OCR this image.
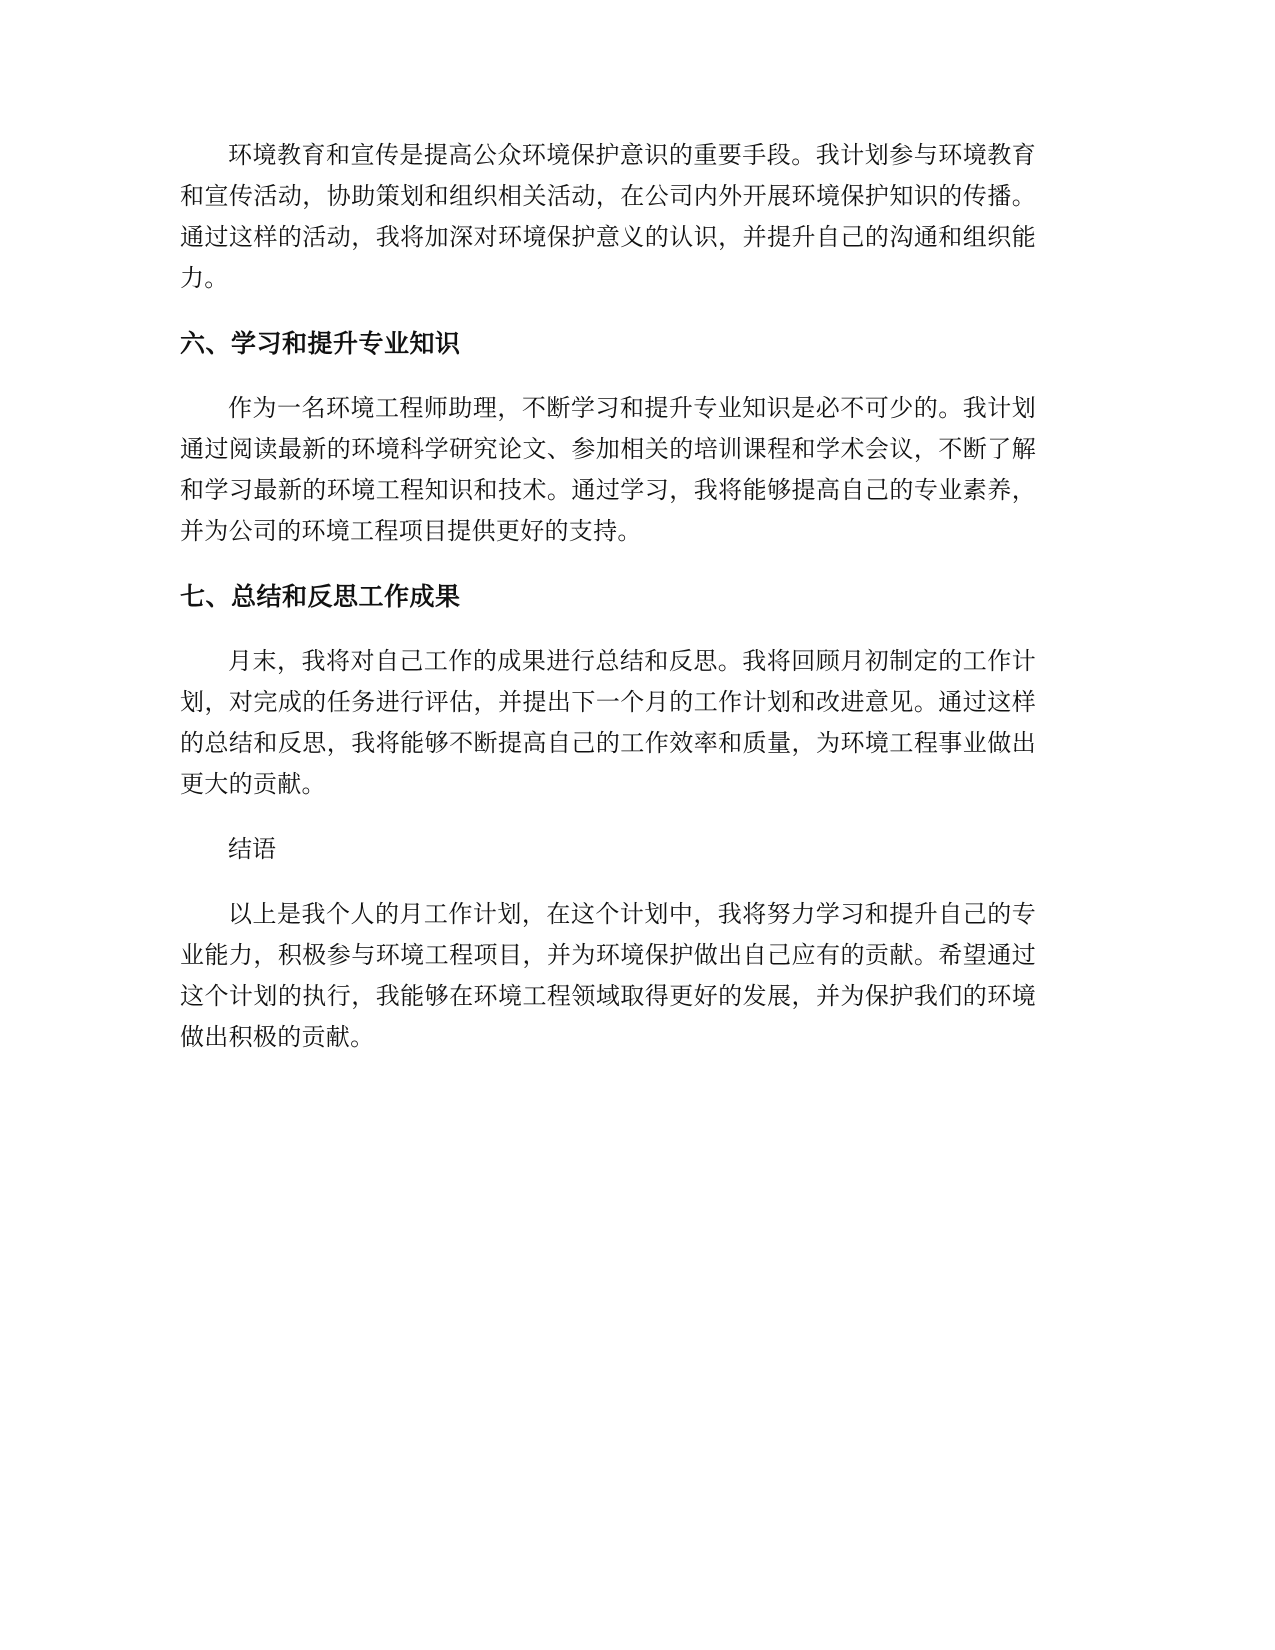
环境教育和宣传是提高公众环境保护意识的重要手段。我计划参与环境教育和宣传活动，协助策划和组织相关活动，在公司内外开展环境保护知识的传播。通过这样的活动，我将加深对环境保护意义的认识，并提升自己的沟通和组织能力。

六、学习和提升专业知识

作为一名环境工程师助理，不断学习和提升专业知识是必不可少的。我计划通过阅读最新的环境科学研究论文、参加相关的培训课程和学术会议，不断了解和学习最新的环境工程知识和技术。通过学习，我将能够提高自己的专业素养，并为公司的环境工程项目提供更好的支持。

七、总结和反思工作成果

月末，我将对自己工作的成果进行总结和反思。我将回顾月初制定的工作计划，对完成的任务进行评估，并提出下一个月的工作计划和改进意见。通过这样的总结和反思，我将能够不断提高自己的工作效率和质量，为环境工程事业做出更大的贡献。

结语

以上是我个人的月工作计划，在这个计划中，我将努力学习和提升自己的专业能力，积极参与环境工程项目，并为环境保护做出自己应有的贡献。希望通过这个计划的执行，我能够在环境工程领域取得更好的发展，并为保护我们的环境做出积极的贡献。
